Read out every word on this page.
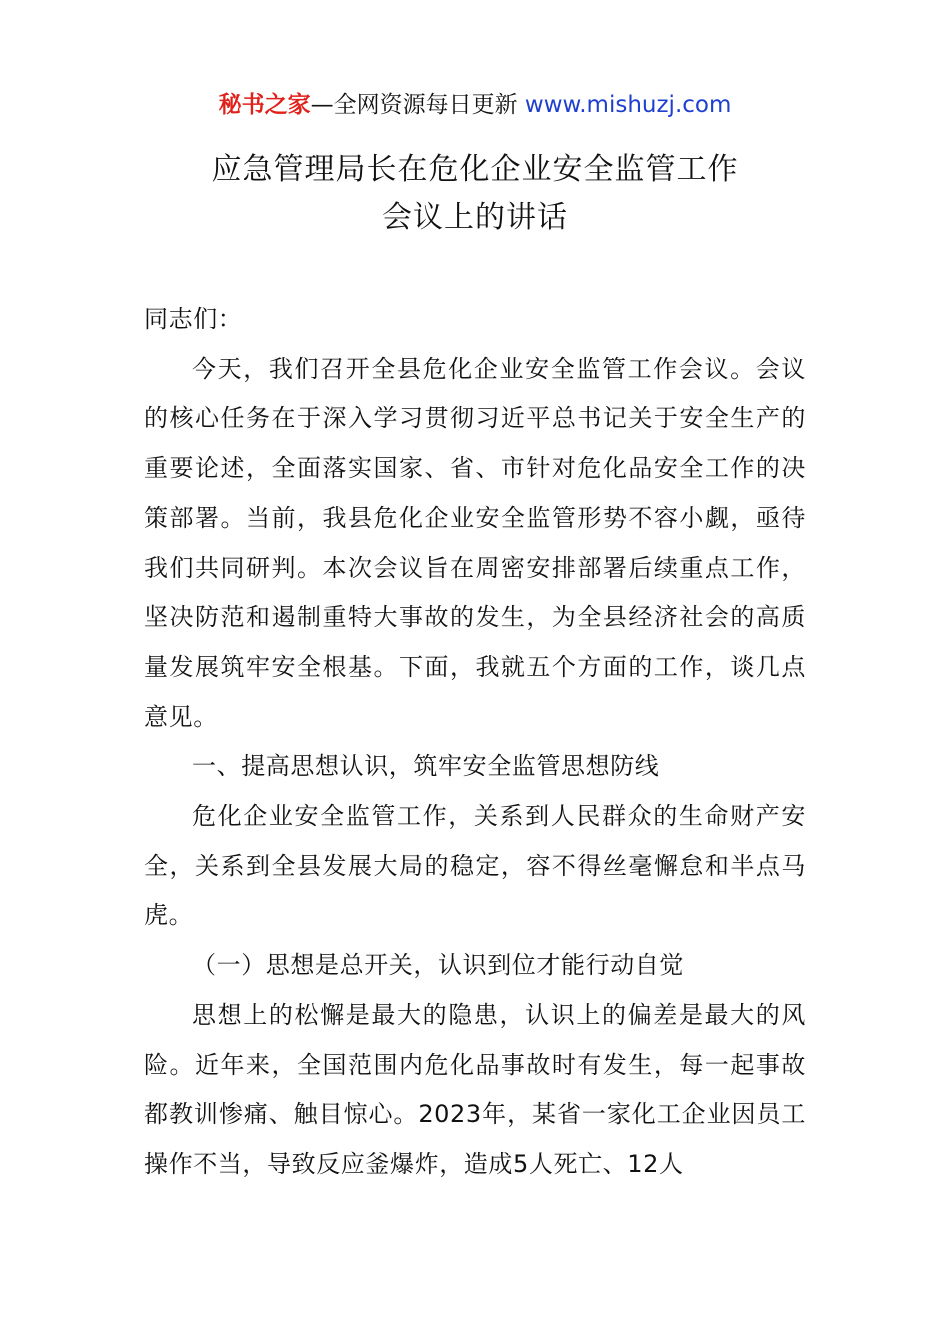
秘书之家—全网资源每日更新 www.mishuzj.com
应急管理局长在危化企业安全监管工作
会议上的讲话

同志们：

今天，我们召开全县危化企业安全监管工作会议。会议的核心任务在于深入学习贯彻习近平总书记关于安全生产的重要论述，全面落实国家、省、市针对危化品安全工作的决策部署。当前，我县危化企业安全监管形势不容小觑，亟待我们共同研判。本次会议旨在周密安排部署后续重点工作，坚决防范和遏制重特大事故的发生，为全县经济社会的高质量发展筑牢安全根基。下面，我就五个方面的工作，谈几点意见。

一、提高思想认识，筑牢安全监管思想防线

危化企业安全监管工作，关系到人民群众的生命财产安全，关系到全县发展大局的稳定，容不得丝毫懈怠和半点马虎。

（一）思想是总开关，认识到位才能行动自觉

思想上的松懈是最大的隐患，认识上的偏差是最大的风险。近年来，全国范围内危化品事故时有发生，每一起事故都教训惨痛、触目惊心。2023年，某省一家化工企业因员工操作不当，导致反应釜爆炸，造成5人死亡、12人
